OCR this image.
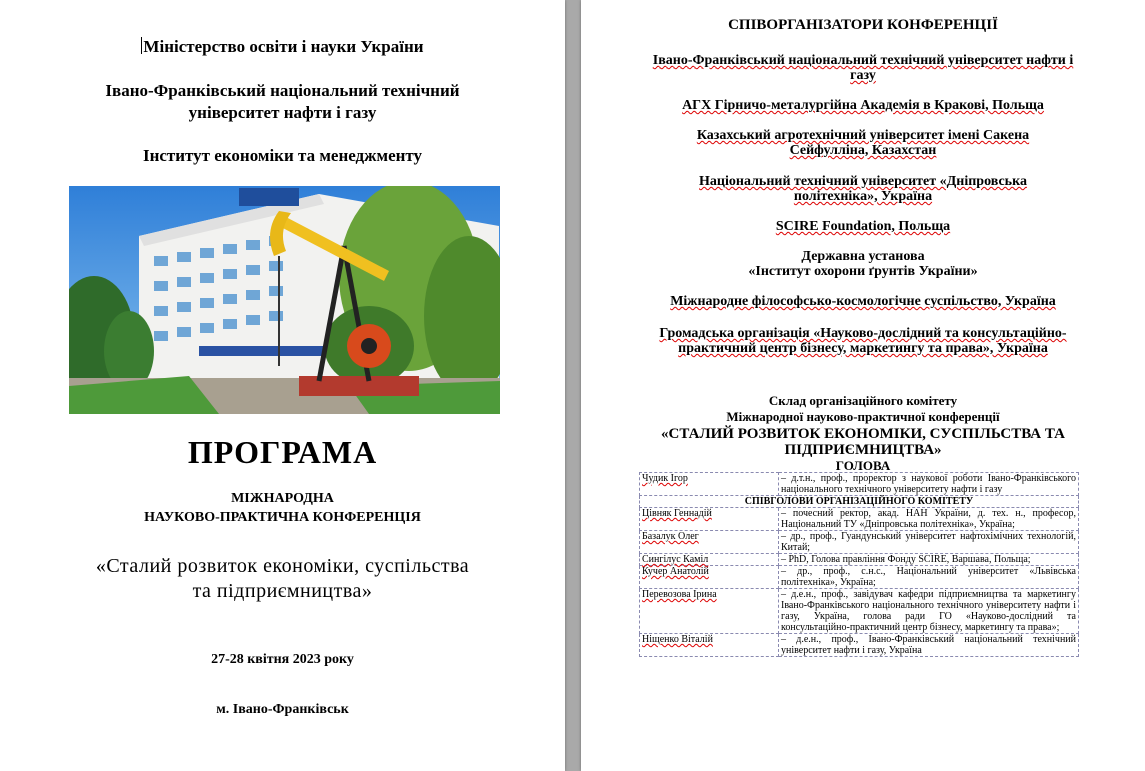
Міністерство освіти і науки України
Івано-Франківський національний технічний
університет нафти і газу
Інститут економіки та менеджменту
ПРОГРАМА
МІЖНАРОДНА
НАУКОВО-ПРАКТИЧНА КОНФЕРЕНЦІЯ
«Сталий розвиток економіки, суспільства
та підприємництва»
27-28 квітня 2023 року
м. Івано-Франківськ
СПІВОРГАНІЗАТОРИ КОНФЕРЕНЦІЇ
Івано-Франківський національний технічний університет нафти і газу
АГХ Гірничо-металургійна Академія в Кракові, Польща
Казахський агротехнічний університет імені Сакена Сейфулліна, Казахстан
Національний технічний університет «Дніпровська політехніка», Україна
SCIRE Foundation, Польща
Державна установа
«Інститут охорони ґрунтів України»
Міжнародне філософсько-космологічне суспільство, Україна
Громадська організація «Науково-дослідний та консультаційно-практичний центр бізнесу, маркетингу та права», Україна
Склад організаційного комітету
Міжнародної науково-практичної конференції
«СТАЛИЙ РОЗВИТОК ЕКОНОМІКИ, СУСПІЛЬСТВА ТА
ПІДПРИЄМНИЦТВА»
ГОЛОВА
Чудик Ігор	– д.т.н., проф., проректор з наукової роботи Івано-Франківського національного технічного університету нафти і газу
СПІВГОЛОВИ ОРГАНІЗАЦІЙНОГО КОМІТЕТУ	
Цівняк Геннадій	– почесний ректор, акад. НАН України, д. тех. н., професор, Національний ТУ «Дніпровська політехніка», Україна;
Базалук Олег	– др., проф., Гуандунський університет нафтохімічних технологій, Китай;
Сингілус Каміл	– PhD, Голова правління Фонду SCIRE, Варшава, Польща;
Кучер Анатолій	– др., проф., с.н.с., Національний університет «Львівська політехніка», Україна;
Перевозова Ірина	– д.е.н., проф., завідувач кафедри підприємництва та маркетингу Івано-Франківського національного технічного університету нафти і газу, Україна, голова ради ГО «Науково-дослідний та консультаційно-практичний центр бізнесу, маркетингу та права»;
Ніщенко Віталій	– д.е.н., проф., Івано-Франківський національний технічний університет нафти і газу, Україна
